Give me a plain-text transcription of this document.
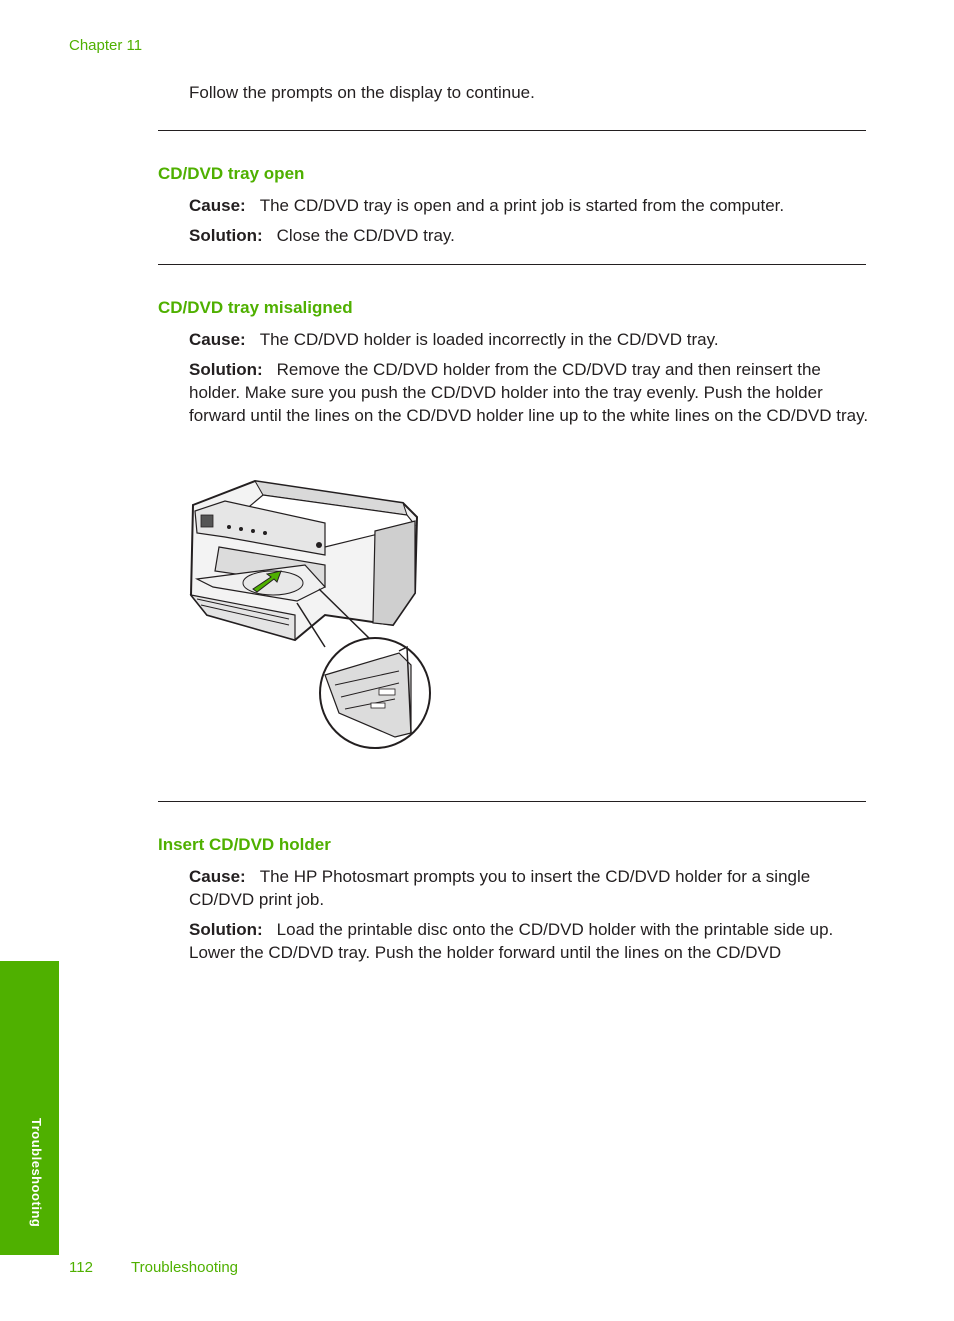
Chapter 11
Follow the prompts on the display to continue.
CD/DVD tray open
Cause: The CD/DVD tray is open and a print job is started from the computer.
Solution: Close the CD/DVD tray.
CD/DVD tray misaligned
Cause: The CD/DVD holder is loaded incorrectly in the CD/DVD tray.
Solution: Remove the CD/DVD holder from the CD/DVD tray and then reinsert the holder. Make sure you push the CD/DVD holder into the tray evenly. Push the holder forward until the lines on the CD/DVD holder line up to the white lines on the CD/DVD tray.
Insert CD/DVD holder
Cause: The HP Photosmart prompts you to insert the CD/DVD holder for a single CD/DVD print job.
Solution: Load the printable disc onto the CD/DVD holder with the printable side up. Lower the CD/DVD tray. Push the holder forward until the lines on the CD/DVD
Troubleshooting
112	Troubleshooting
